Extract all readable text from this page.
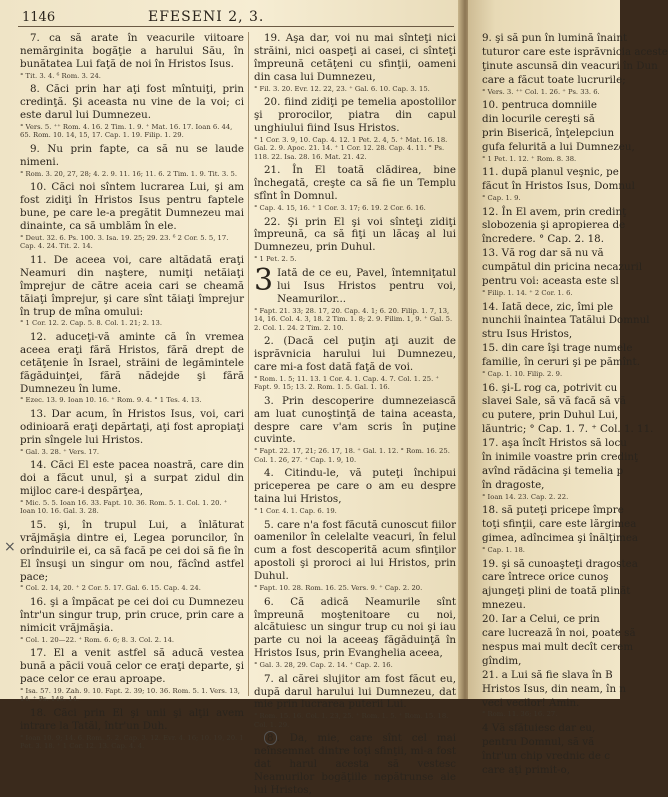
1146	EFESENI 2, 3.

7. ca să arate în veacurile viitoare nemărginita bogăţie a harului Său, în bunătatea Lui faţă de noi în Hristos Isus.

° Tit. 3. 4. ⁶ Rom. 3. 24.

8. Căci prin har aţi fost mîntuiţi, prin credinţă. Şi aceasta nu vine de la voi; ci este darul lui Dumnezeu.

° Vers. 5. ⁺⁺ Rom. 4. 16. 2 Tim. 1. 9. ⁺ Mat. 16. 17. Ioan 6. 44, 65. Rom. 10. 14, 15, 17. Cap. 1. 19. Filip. 1. 29.

9. Nu prin fapte, ca să nu se laude nimeni.

° Rom. 3. 20, 27, 28; 4. 2. 9. 11. 16; 11. 6. 2 Tim. 1. 9. Tit. 3. 5.

10. Căci noi sîntem lucrarea Lui, şi am fost zidiţi în Hristos Isus pentru faptele bune, pe care le-a pregătit Dumnezeu mai dinainte, ca să umblăm în ele.

° Deut. 32. 6. Ps. 100. 3. Isa. 19. 25; 29. 23. ⁶ 2 Cor. 5. 5, 17. Cap. 4. 24. Tit. 2. 14.

11. De aceea voi, care altădată eraţi Neamuri din naştere, numiţi netăiaţi împrejur de către aceia cari se cheamă tăiaţi împrejur, şi care sînt tăiaţi împrejur în trup de mîna omului:

° 1 Cor. 12. 2. Cap. 5. 8. Col. 1. 21; 2. 13.

12. aduceţi-vă aminte că în vremea aceea eraţi fără Hristos, fără drept de cetăţenie în Israel, străini de legămintele făgăduinţei, fără nădejde şi fără Dumnezeu în lume.

° Ezec. 13. 9. Ioan 10. 16. ⁺ Rom. 9. 4. ° 1 Tes. 4. 13.

13. Dar acum, în Hristos Isus, voi, cari odinioară eraţi depărtaţi, aţi fost apropiaţi prin sîngele lui Hristos.

° Gal. 3. 28. ⁺ Vers. 17.

14. Căci El este pacea noastră, care din doi a făcut unul, şi a surpat zidul din mijloc care-i despărţea,

° Mic. 5. 5. Ioan 16. 33. Fapt. 10. 36. Rom. 5. 1. Col. 1. 20. ⁺ Ioan 10. 16. Gal. 3. 28.

15. şi, în trupul Lui, a înlăturat vrăjmăşia dintre ei, Legea poruncilor, în orînduirile ei, ca să facă pe cei doi să fie în El însuşi un singur om nou, făcînd astfel pace;

° Col. 2. 14, 20. ⁺ 2 Cor. 5. 17. Gal. 6. 15. Cap. 4. 24.

16. şi a împăcat pe cei doi cu Dumnezeu într'un singur trup, prin cruce, prin care a nimicit vrăjmăşia.

° Col. 1. 20—22. ⁺ Rom. 6. 6; 8. 3. Col. 2. 14.

17. El a venit astfel să aducă vestea bună a păcii vouă celor ce eraţi departe, şi pace celor ce erau aproape.

° Isa. 57. 19. Zah. 9. 10. Fapt. 2. 39; 10. 36. Rom. 5. 1. Vers. 13, 14. ⁺ Ps. 148. 14.

18. Căci prin El şi unii şi alţii avem intrare la Tatăl, într'un Duh.

° Ioan 10. 9; 14. 6. Rom. 5. 2. Cap. 3. 12. Evr. 4. 16; 10. 19, 20. 1 Pet. 3. 18. ⁺ 1 Cor. 12. 13. Cap. 4. 4.

19. Aşa dar, voi nu mai sînteţi nici străini, nici oaspeţi ai casei, ci sînteţi împreună cetăţeni cu sfinţii, oameni din casa lui Dumnezeu,

° Fil. 3. 20. Evr. 12. 22, 23. ⁺ Gal. 6. 10. Cap. 3. 15.

20. fiind zidiţi pe temelia apostolilor şi prorocilor, piatra din capul unghiului fiind Isus Hristos.

° 1 Cor. 3. 9, 10. Cap. 4. 12. 1 Pet. 2. 4, 5. ⁺ Mat. 16. 18. Gal. 2. 9. Apoc. 21. 14. ⁺ 1 Cor. 12. 28. Cap. 4. 11. ° Ps. 118. 22. Isa. 28. 16. Mat. 21. 42.

21. În El toată clădirea, bine închegată, creşte ca să fie un Templu sfînt în Domnul.

° Cap. 4. 15, 16. ⁺ 1 Cor. 3. 17; 6. 19. 2 Cor. 6. 16.

22. Şi prin El şi voi sînteţi zidiţi împreună, ca să fiţi un lăcaş al lui Dumnezeu, prin Duhul.

° 1 Pet. 2. 5.

3 Iată de ce eu, Pavel, întemniţatul lui Isus Hristos pentru voi, Neamurilor...

° Fapt. 21. 33; 28. 17, 20. Cap. 4. 1; 6. 20. Filip. 1. 7, 13, 14, 16. Col. 4. 3, 18. 2 Tim. 1. 8; 2. 9. Filim. 1, 9. ⁺ Gal. 5. 2. Col. 1. 24. 2 Tim. 2. 10.

2. (Dacă cel puţin aţi auzit de isprăvnicia harului lui Dumnezeu, care mi-a fost dată faţă de voi.

° Rom. 1. 5; 11. 13. 1 Cor. 4. 1. Cap. 4. 7. Col. 1. 25. ⁺ Fapt. 9. 15; 13. 2. Rom. 1. 5. Gal. 1. 16.

3. Prin descoperire dumnezeiască am luat cunoştinţă de taina aceasta, despre care v'am scris în puţine cuvinte.

° Fapt. 22. 17, 21; 26. 17, 18. ⁺ Gal. 1. 12. ° Rom. 16. 25. Col. 1. 26, 27. ⁺ Cap. 1. 9, 10.

4. Citindu-le, vă puteţi închipui priceperea pe care o am eu despre taina lui Hristos,

° 1 Cor. 4. 1. Cap. 6. 19.

5. care n'a fost făcută cunoscut fiilor oamenilor în celelalte veacuri, în felul cum a fost descoperită acum sfinţilor apostoli şi proroci ai lui Hristos, prin Duhul.

° Fapt. 10. 28. Rom. 16. 25. Vers. 9. ⁺ Cap. 2. 20.

6. Că adică Neamurile sînt împreună moştenitoare cu noi, alcătuiesc un singur trup cu noi şi iau parte cu noi la aceeaş făgăduinţă în Hristos Isus, prin Evanghelia aceea,

° Gal. 3. 28, 29. Cap. 2. 14. ⁺ Cap. 2. 16.

7. al cărei slujitor am fost făcut eu, după darul harului lui Dumnezeu, dat mie prin lucrarea puterii Lui.

° Rom. 15. 16. Col. 1. 23, 25. ⁺ Rom. 1. 5. ⁺ Rom. 15. 18. Col. 1. 29.

8 . Da, mie, care sînt cel mai neînsemnat dintre toţi sfinţii, mi-a fost dat harul acesta să vestesc Neamurilor bogăţiile nepătrunse ale lui Hristos,

×

9. şi să pun în lumină înaint

tuturor care este isprăvnicia aceste

ţinute ascunsă din veacuri în Dun

care a făcut toate lucrurile;

° Vers. 3. ⁺⁺ Col. 1. 26. ⁺ Ps. 33. 6.

10. pentruca domniile

din locurile cereşti să

prin Biserică, înţelepciun

gufa felurită a lui Dumnezeu,

° 1 Pet. 1. 12. ⁺ Rom. 8. 38.

11. după planul veşnic, pe

făcut în Hristos Isus, Domnul

° Cap. 1. 9.

12. În El avem, prin credinţ

slobozenia şi apropierea de

încredere. ° Cap. 2. 18.

13. Vă rog dar să nu vă

cumpătul din pricina necazuril

pentru voi: aceasta este sl

° Filip. 1. 14. ⁺ 2 Cor. 1. 6.

14. Iată dece, zic, îmi ple

nunchii înaintea Tatălui Domnul

stru Isus Hristos,

15. din care îşi trage numele

familie, în ceruri şi pe pămînt.

° Cap. 1. 10. Filip. 2. 9.

16. şi-L rog ca, potrivit cu

slavei Sale, să vă facă să vă

cu putere, prin Duhul Lui,

lăuntric; ° Cap. 1. 7. ⁺ Col. 1. 11.

17. aşa încît Hristos să locu

în inimile voastre prin credinţ

avînd rădăcina şi temelia p

în dragoste,

° Ioan 14. 23. Cap. 2. 22.

18. să puteţi pricepe împre

toţi sfinţii, care este lărgimea

gimea, adîncimea şi înălţimea

° Cap. 1. 18.

19. şi să cunoaşteţi dragostea

care întrece orice cunoş

ajungeţi plini de toată plinăt

mnezeu.

20. Iar a Celui, ce prin

care lucrează în noi, poate să

nespus mai mult decît cerem

gîndim,

21. a Lui să fie slava în B

Hristos Isus, din neam, în n

veci vecilor! Amin.

° Rom. 11. 36; 16. 27.

4 Vă sfătuiesc dar eu,

pentru Domnul, să vă

într'un chip vrednic de c

care aţi primit-o,
